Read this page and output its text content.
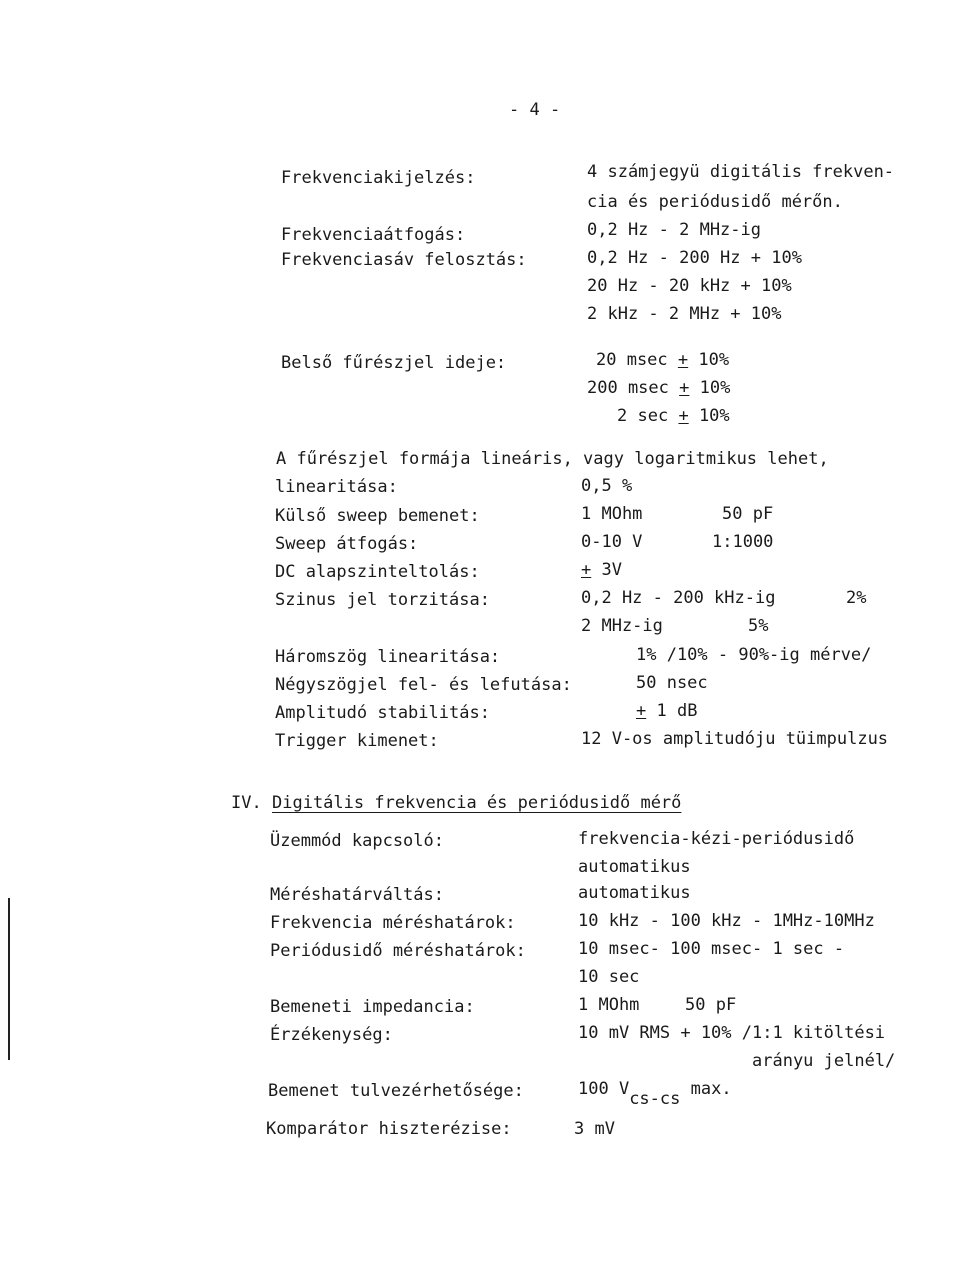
- 4 -
Frekvenciakijelzés:	4 számjegyü digitális frekven-
cia és periódusidő mérőn.
Frekvenciaátfogás:	0,2 Hz - 2 MHz-ig
Frekvenciasáv felosztás:	0,2 Hz - 200 Hz + 10%
20 Hz - 20 kHz + 10%
2 kHz - 2 MHz + 10%
Belső fűrészjel ideje:	20 msec + 10%
200 msec + 10%
2 sec + 10%
A fűrészjel formája lineáris, vagy logaritmikus lehet,
linearitása:	0,5 %
Külső sweep bemenet:	1 MOhm	50 pF
Sweep átfogás:	0-10 V	1:1000
DC alapszinteltolás:	+ 3V
Szinus jel torzitása:	0,2 Hz - 200 kHz-ig	2%
2 MHz-ig	5%
Háromszög linearitása:	1% /10% - 90%-ig mérve/
Négyszögjel fel- és lefutása:	50 nsec
Amplitudó stabilitás:	+ 1 dB
Trigger kimenet:	12 V-os amplitudóju tüimpulzus
IV. Digitális frekvencia és periódusidő mérő
Üzemmód kapcsoló:	frekvencia-kézi-periódusidő
automatikus
Méréshatárváltás:	automatikus
Frekvencia méréshatárok:	10 kHz - 100 kHz - 1MHz-10MHz
Periódusidő méréshatárok:	10 msec- 100 msec- 1 sec -
10 sec
Bemeneti impedancia:	1 MOhm	50 pF
Érzékenység:	10 mV RMS + 10% /1:1 kitöltési
arányu jelnél/
Bemenet tulvezérhetősége:	100 Vcs-cs max.
Komparátor hiszterézise:	3 mV
